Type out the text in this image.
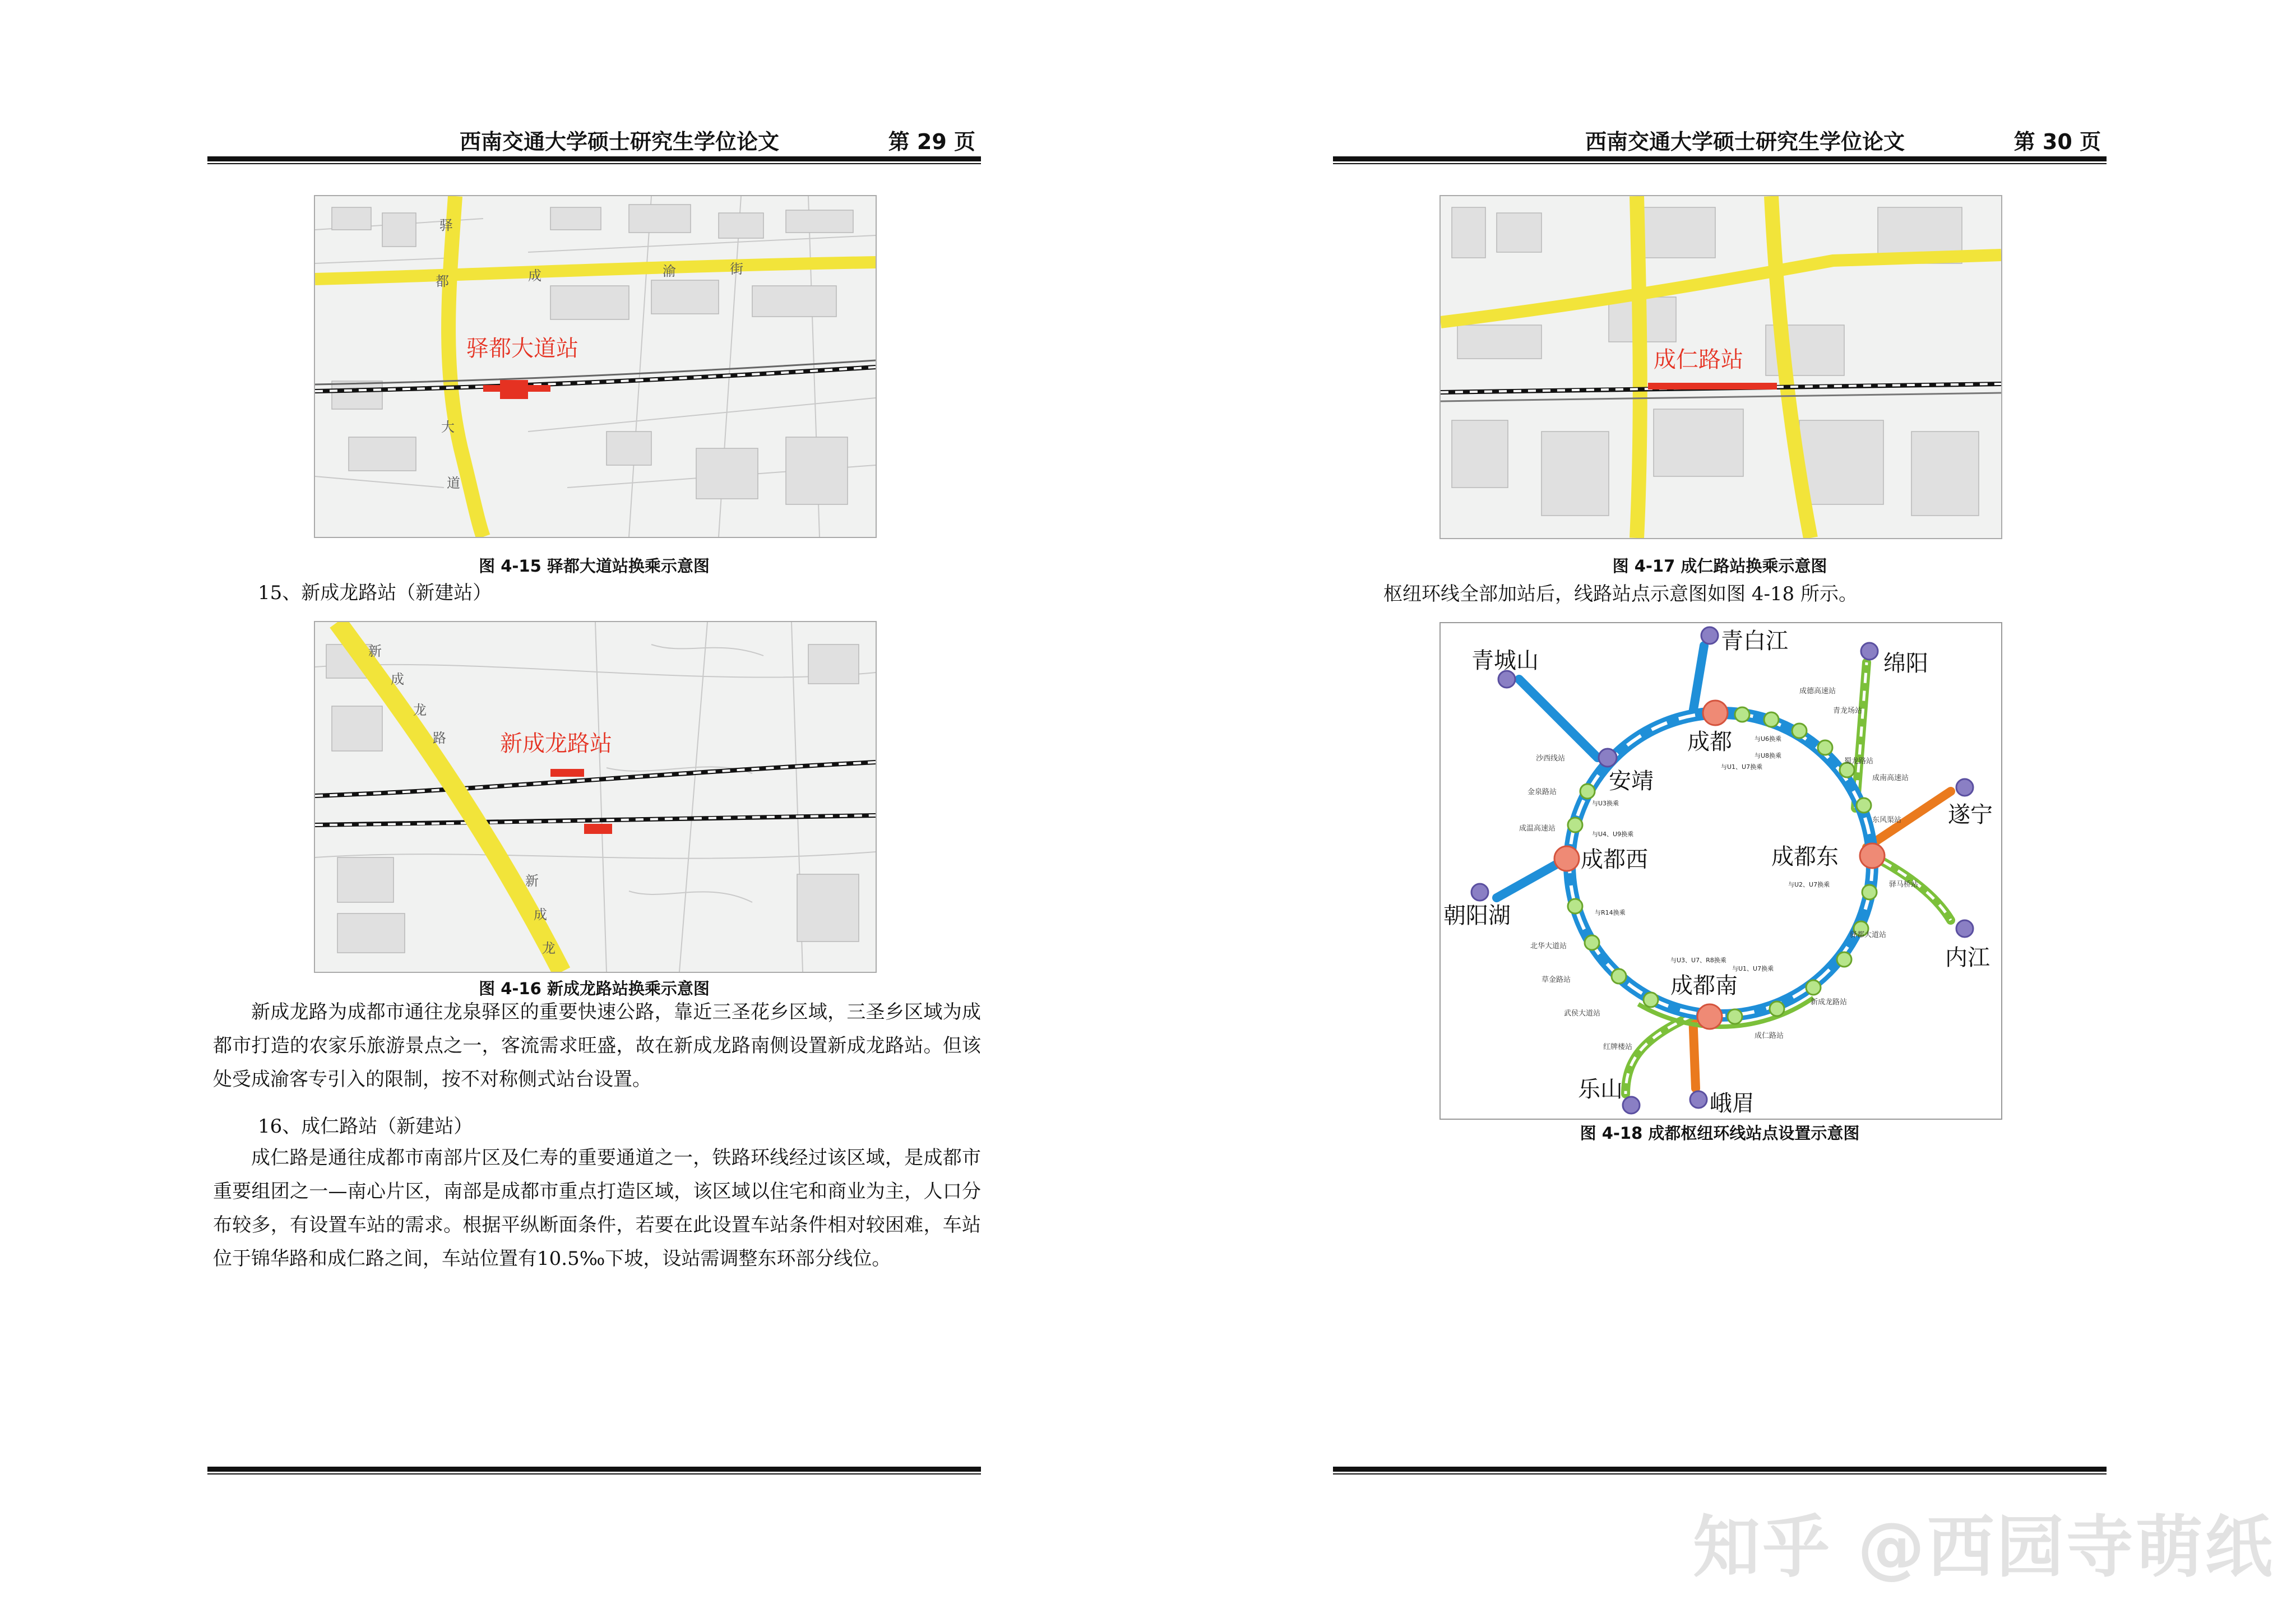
西南交通大学硕士研究生学位论文	第 29 页
驿都大道站
驿
都
大
道
成	渝	街
图 4-15 驿都大道站换乘示意图
15、新成龙路站（新建站）
新成龙路站
新
成
龙
路
新
成
龙
图 4-16 新成龙路站换乘示意图
新成龙路为成都市通往龙泉驿区的重要快速公路，靠近三圣花乡区域，三圣乡区域为成都市打造的农家乐旅游景点之一，客流需求旺盛，故在新成龙路南侧设置新成龙路站。但该处受成渝客专引入的限制，按不对称侧式站台设置。
16、成仁路站（新建站）
成仁路是通往成都市南部片区及仁寿的重要通道之一，铁路环线经过该区域，是成都市重要组团之一—南心片区，南部是成都市重点打造区域，该区域以住宅和商业为主，人口分布较多，有设置车站的需求。根据平纵断面条件，若要在此设置车站条件相对较困难，车站位于锦华路和成仁路之间，车站位置有10.5‰下坡，设站需调整东环部分线位。
西南交通大学硕士研究生学位论文	第 30 页
成仁路站
图 4-17 成仁路站换乘示意图
枢纽环线全部加站后，线路站点示意图如图 4-18 所示。
成都
成都东
成都南
成都西
安靖
青城山
青白江
绵阳
遂宁
内江
峨眉
乐山
朝阳湖
沙西线站
金泉路站
成温高速站
北华大道站
草金路站
武侯大道站
红牌楼站
成仁路站
新成龙路站
驿都大道站
东风渠站
成南高速站
蜀龙路站
青龙场站
成德高速站
驿马桥站
与U1、U7换乘
与U6换乘
与U8换乘
与U3换乘
与U4、U9换乘
与U2、U7换乘
与R14换乘
与U3、U7、R8换乘
与U1、U7换乘
图 4-18 成都枢纽环线站点设置示意图
知乎 @西园寺萌纸
